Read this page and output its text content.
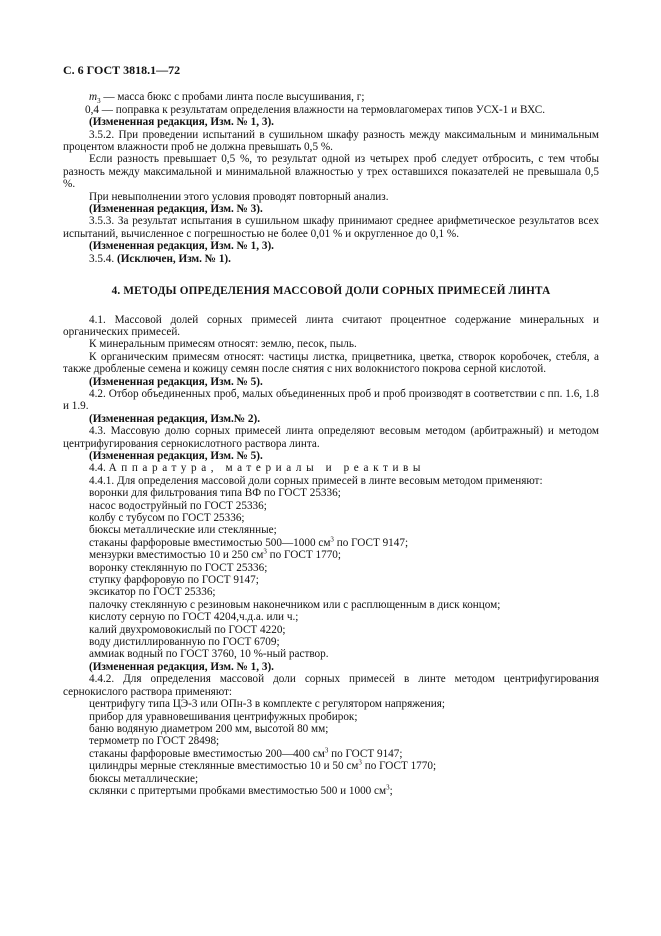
С. 6 ГОСТ 3818.1—72

$m_3$ — масса бюкс с пробами линта после высушивания, г;

0,4 — поправка к результатам определения влажности на термовлагомерах типов УСХ-1 и ВХС.

(Измененная редакция, Изм. № 1, 3).

3.5.2. При проведении испытаний в сушильном шкафу разность между максимальным и минимальным процентом влажности проб не должна превышать 0,5 %.

Если разность превышает 0,5 %, то результат одной из четырех проб следует отбросить, с тем чтобы разность между максимальной и минимальной влажностью у трех оставшихся показателей не превышала 0,5 %.

При невыполнении этого условия проводят повторный анализ.

(Измененная редакция, Изм. № 3).

3.5.3. За результат испытания в сушильном шкафу принимают среднее арифметическое результатов всех испытаний, вычисленное с погрешностью не более 0,01 % и округленное до 0,1 %.

(Измененная редакция, Изм. № 1, 3).

3.5.4. (Исключен, Изм. № 1).

4. МЕТОДЫ ОПРЕДЕЛЕНИЯ МАССОВОЙ ДОЛИ СОРНЫХ ПРИМЕСЕЙ ЛИНТА

4.1. Массовой долей сорных примесей линта считают процентное содержание минеральных и органических примесей.

К минеральным примесям относят: землю, песок, пыль.

К органическим примесям относят: частицы листка, прицветника, цветка, створок коробочек, стебля, а также дробленые семена и кожицу семян после снятия с них волокнистого покрова серной кислотой.

(Измененная редакция, Изм. № 5).

4.2. Отбор объединенных проб, малых объединенных проб и проб производят в соответствии с пп. 1.6, 1.8 и 1.9.

(Измененная редакция, Изм.№ 2).

4.3. Массовую долю сорных примесей линта определяют весовым методом (арбитражный) и методом центрифугирования сернокислотного раствора линта.

(Измененная редакция, Изм. № 5).

4.4. Аппаратура, материалы и реактивы

4.4.1. Для определения массовой доли сорных примесей в линте весовым методом применяют:

воронки для фильтрования типа ВФ по ГОСТ 25336;

насос водоструйный по ГОСТ 25336;

колбу с тубусом по ГОСТ 25336;

бюксы металлические или стеклянные;

стаканы фарфоровые вместимостью 500—1000 $см^3$ по ГОСТ 9147;

мензурки вместимостью 10 и 250 $см^3$ по ГОСТ 1770;

воронку стеклянную по ГОСТ 25336;

ступку фарфоровую по ГОСТ 9147;

эксикатор по ГОСТ 25336;

палочку стеклянную с резиновым наконечником или с расплющенным в диск концом;

кислоту серную по ГОСТ 4204,ч.д.а. или ч.;

калий двухромовокислый по ГОСТ 4220;

воду дистиллированную по ГОСТ 6709;

аммиак водный по ГОСТ 3760, 10 %-ный раствор.

(Измененная редакция, Изм. № 1, 3).

4.4.2. Для определения массовой доли сорных примесей в линте методом центрифугирования сернокислого раствора применяют:

центрифугу типа ЦЭ-3 или ОПн-3 в комплекте с регулятором напряжения;

прибор для уравновешивания центрифужных пробирок;

баню водяную диаметром 200 мм, высотой 80 мм;

термометр по ГОСТ 28498;

стаканы фарфоровые вместимостью 200—400 $см^3$ по ГОСТ 9147;

цилиндры мерные стеклянные вместимостью 10 и 50 $см^3$ по ГОСТ 1770;

бюксы металлические;

склянки с притертыми пробками вместимостью 500 и 1000 $см^3$;
